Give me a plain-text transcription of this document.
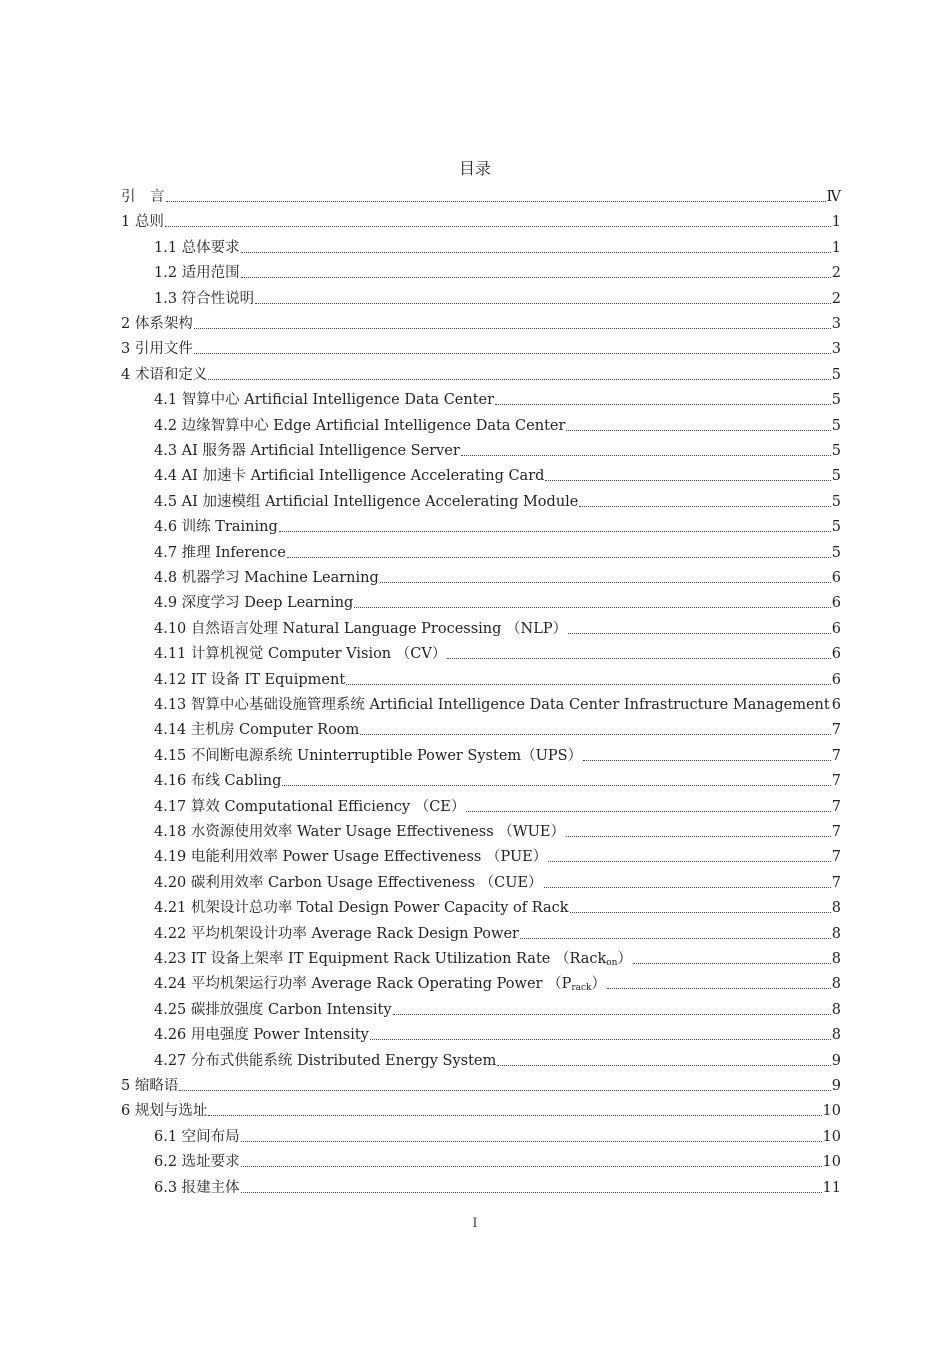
目录
引　言	Ⅳ
1 总则	1
1.1 总体要求	1
1.2 适用范围	2
1.3 符合性说明	2
2 体系架构	3
3 引用文件	3
4 术语和定义	5
4.1 智算中心 Artificial Intelligence Data Center	5
4.2 边缘智算中心 Edge Artificial Intelligence Data Center	5
4.3 AI 服务器 Artificial Intelligence Server	5
4.4 AI 加速卡 Artificial Intelligence Accelerating Card	5
4.5 AI 加速模组 Artificial Intelligence Accelerating Module	5
4.6 训练 Training	5
4.7 推理 Inference	5
4.8 机器学习 Machine Learning	6
4.9 深度学习 Deep Learning	6
4.10 自然语言处理 Natural Language Processing （NLP）	6
4.11 计算机视觉 Computer Vision （CV）	6
4.12 IT 设备 IT Equipment	6
4.13 智算中心基础设施管理系统 Artificial Intelligence Data Center Infrastructure Management 6
4.14 主机房 Computer Room	7
4.15 不间断电源系统 Uninterruptible Power System（UPS）	7
4.16 布线 Cabling	7
4.17 算效 Computational Efficiency （CE）	7
4.18 水资源使用效率 Water Usage Effectiveness （WUE）	7
4.19 电能利用效率 Power Usage Effectiveness （PUE）	7
4.20 碳利用效率 Carbon Usage Effectiveness （CUE）	7
4.21 机架设计总功率 Total Design Power Capacity of Rack	8
4.22 平均机架设计功率 Average Rack Design Power	8
4.23 IT 设备上架率 IT Equipment Rack Utilization Rate （Rack$_{on}$）	8
4.24 平均机架运行功率 Average Rack Operating Power $(P_{rack})$	8
4.25 碳排放强度 Carbon Intensity	8
4.26 用电强度 Power Intensity	8
4.27 分布式供能系统 Distributed Energy System	9
5 缩略语	9
6 规划与选址	10
6.1 空间布局	10
6.2 选址要求	10
6.3 报建主体	11
I
